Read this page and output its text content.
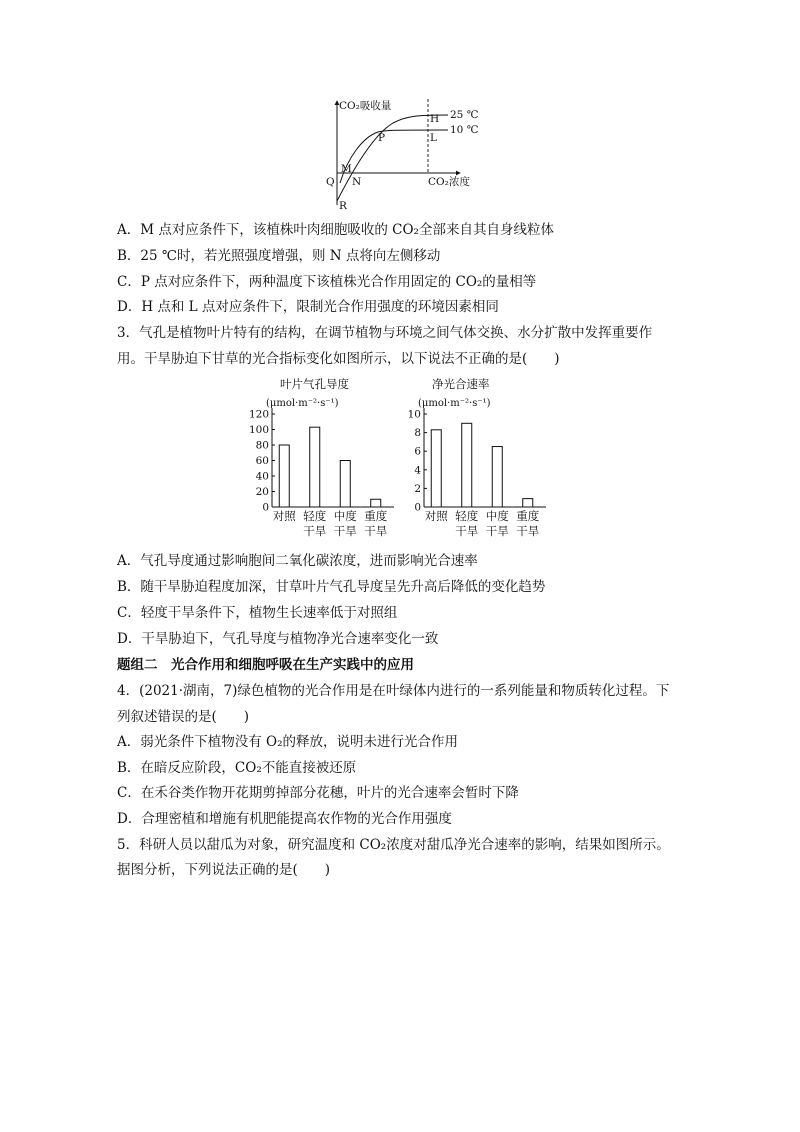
CO₂吸收量
CO₂浓度
25 ℃
10 ℃
H
L
P
M
N
Q
R
A．M 点对应条件下，该植株叶肉细胞吸收的 CO₂全部来自其自身线粒体
B．25 ℃时，若光照强度增强，则 N 点将向左侧移动
C．P 点对应条件下，两种温度下该植株光合作用固定的 CO₂的量相等
D．H 点和 L 点对应条件下，限制光合作用强度的环境因素相同
3．气孔是植物叶片特有的结构，在调节植物与环境之间气体交换、水分扩散中发挥重要作
用。干旱胁迫下甘草的光合指标变化如图所示，以下说法不正确的是(　　)
叶片气孔导度
(μmol·m⁻²·s⁻¹)
0
20
40
60
80
100
120
对照 轻度
干旱
中度
干旱
重度
干旱
净光合速率
(μmol·m⁻²·s⁻¹)
0
2
4
6
8
10
对照 轻度
干旱
中度
干旱
重度
干旱
A．气孔导度通过影响胞间二氧化碳浓度，进而影响光合速率
B．随干旱胁迫程度加深，甘草叶片气孔导度呈先升高后降低的变化趋势
C．轻度干旱条件下，植物生长速率低于对照组
D．干旱胁迫下，气孔导度与植物净光合速率变化一致
题组二　光合作用和细胞呼吸在生产实践中的应用
4．(2021·湖南，7)绿色植物的光合作用是在叶绿体内进行的一系列能量和物质转化过程。下
列叙述错误的是(　　)
A．弱光条件下植物没有 O₂的释放，说明未进行光合作用
B．在暗反应阶段，CO₂不能直接被还原
C．在禾谷类作物开花期剪掉部分花穗，叶片的光合速率会暂时下降
D．合理密植和增施有机肥能提高农作物的光合作用强度
5．科研人员以甜瓜为对象，研究温度和 CO₂浓度对甜瓜净光合速率的影响，结果如图所示。
据图分析，下列说法正确的是(　　)
